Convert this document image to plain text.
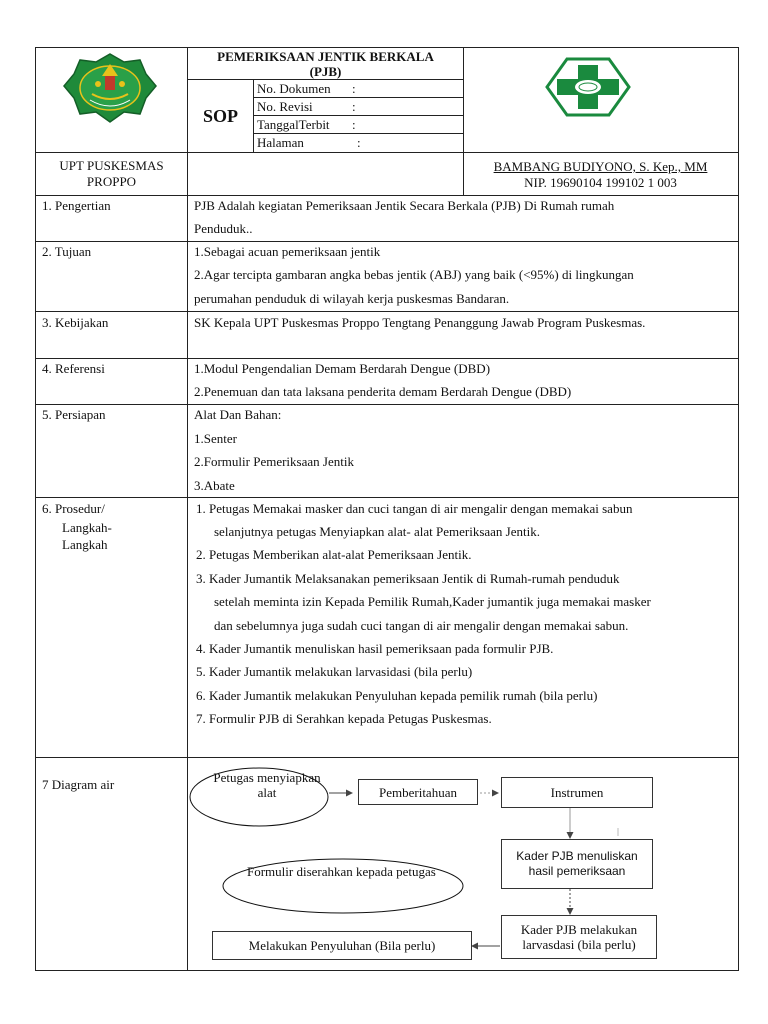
PEMERIKSAAN JENTIK BERKALA
(PJB)
SOP
No. Dokumen :
No. Revisi	:
TanggalTerbit :
Halaman	:
UPT PUSKESMAS
PROPPO
BAMBANG BUDIYONO, S. Kep., MM
NIP. 19690104 199102 1 003
1. Pengertian	PJB Adalah kegiatan Pemeriksaan Jentik Secara Berkala (PJB) Di Rumah rumah
Penduduk..
2. Tujuan	1.Sebagai acuan pemeriksaan jentik
2.Agar tercipta gambaran angka bebas jentik (ABJ) yang baik (<95%) di lingkungan
perumahan penduduk di wilayah kerja puskesmas Bandaran.
3. Kebijakan	SK Kepala UPT Puskesmas Proppo Tengtang Penanggung Jawab Program Puskesmas.
4. Referensi	1.Modul Pengendalian Demam Berdarah Dengue (DBD)
2.Penemuan dan tata laksana penderita demam Berdarah Dengue (DBD)
5. Persiapan	Alat Dan Bahan:
1.Senter
2.Formulir Pemeriksaan Jentik
3.Abate
6. Prosedur/
Langkah-
Langkah
1. Petugas Memakai masker dan cuci tangan di air mengalir dengan memakai sabun
selanjutnya petugas Menyiapkan alat- alat Pemeriksaan Jentik.
2. Petugas Memberikan alat-alat Pemeriksaan Jentik.
3. Kader Jumantik Melaksanakan pemeriksaan Jentik di Rumah-rumah penduduk
setelah meminta izin Kepada Pemilik Rumah,Kader jumantik juga memakai masker
dan sebelumnya juga sudah cuci tangan di air mengalir dengan memakai sabun.
4. Kader Jumantik menuliskan hasil pemeriksaan pada formulir PJB.
5. Kader Jumantik melakukan larvasidasi (bila perlu)
6. Kader Jumantik melakukan Penyuluhan kepada pemilik rumah (bila perlu)
7. Formulir PJB di Serahkan kepada Petugas Puskesmas.
7 Diagram air	Petugas menyiapkan
alat	Pemberitahuan	Instrumen
Kader PJB menuliskan
hasil pemeriksaan
Formulir diserahkan kepada petugas
Kader PJB melakukan
larvasdasi (bila perlu)
Melakukan Penyuluhan (Bila perlu)
